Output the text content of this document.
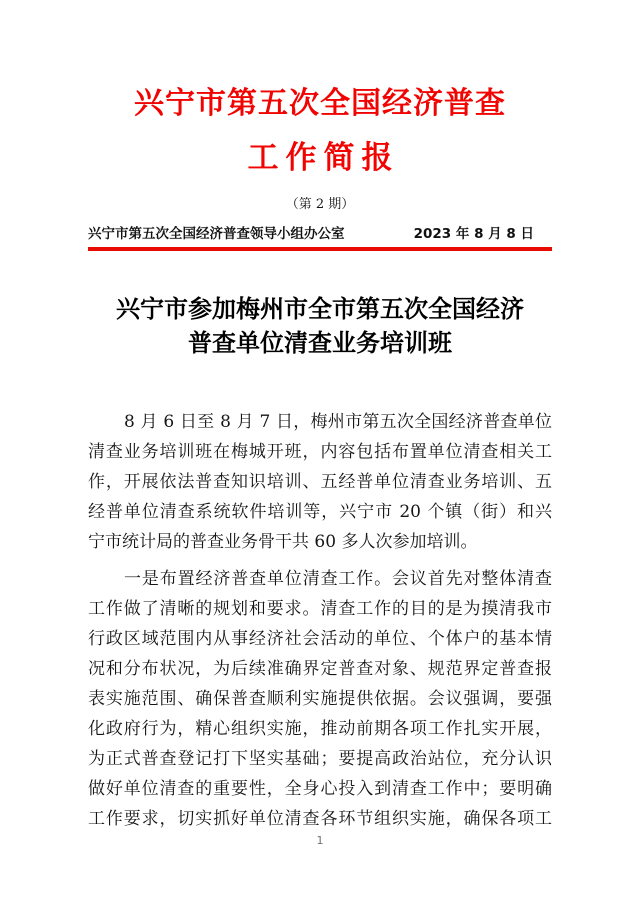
兴宁市第五次全国经济普查
工作简报
（第 2 期）
兴宁市第五次全国经济普查领导小组办公室	2023 年 8 月 8 日
兴宁市参加梅州市全市第五次全国经济
普查单位清查业务培训班
8 月 6 日至 8 月 7 日，梅州市第五次全国经济普查单位
清查业务培训班在梅城开班，内容包括布置单位清查相关工
作，开展依法普查知识培训、五经普单位清查业务培训、五
经普单位清查系统软件培训等，兴宁市 20 个镇（街）和兴
宁市统计局的普查业务骨干共 60 多人次参加培训。
一是布置经济普查单位清查工作。会议首先对整体清查
工作做了清晰的规划和要求。清查工作的目的是为摸清我市
行政区域范围内从事经济社会活动的单位、个体户的基本情
况和分布状况，为后续准确界定普查对象、规范界定普查报
表实施范围、确保普查顺利实施提供依据。会议强调，要强
化政府行为，精心组织实施，推动前期各项工作扎实开展，
为正式普查登记打下坚实基础；要提高政治站位，充分认识
做好单位清查的重要性，全身心投入到清查工作中；要明确
工作要求，切实抓好单位清查各环节组织实施，确保各项工
1
